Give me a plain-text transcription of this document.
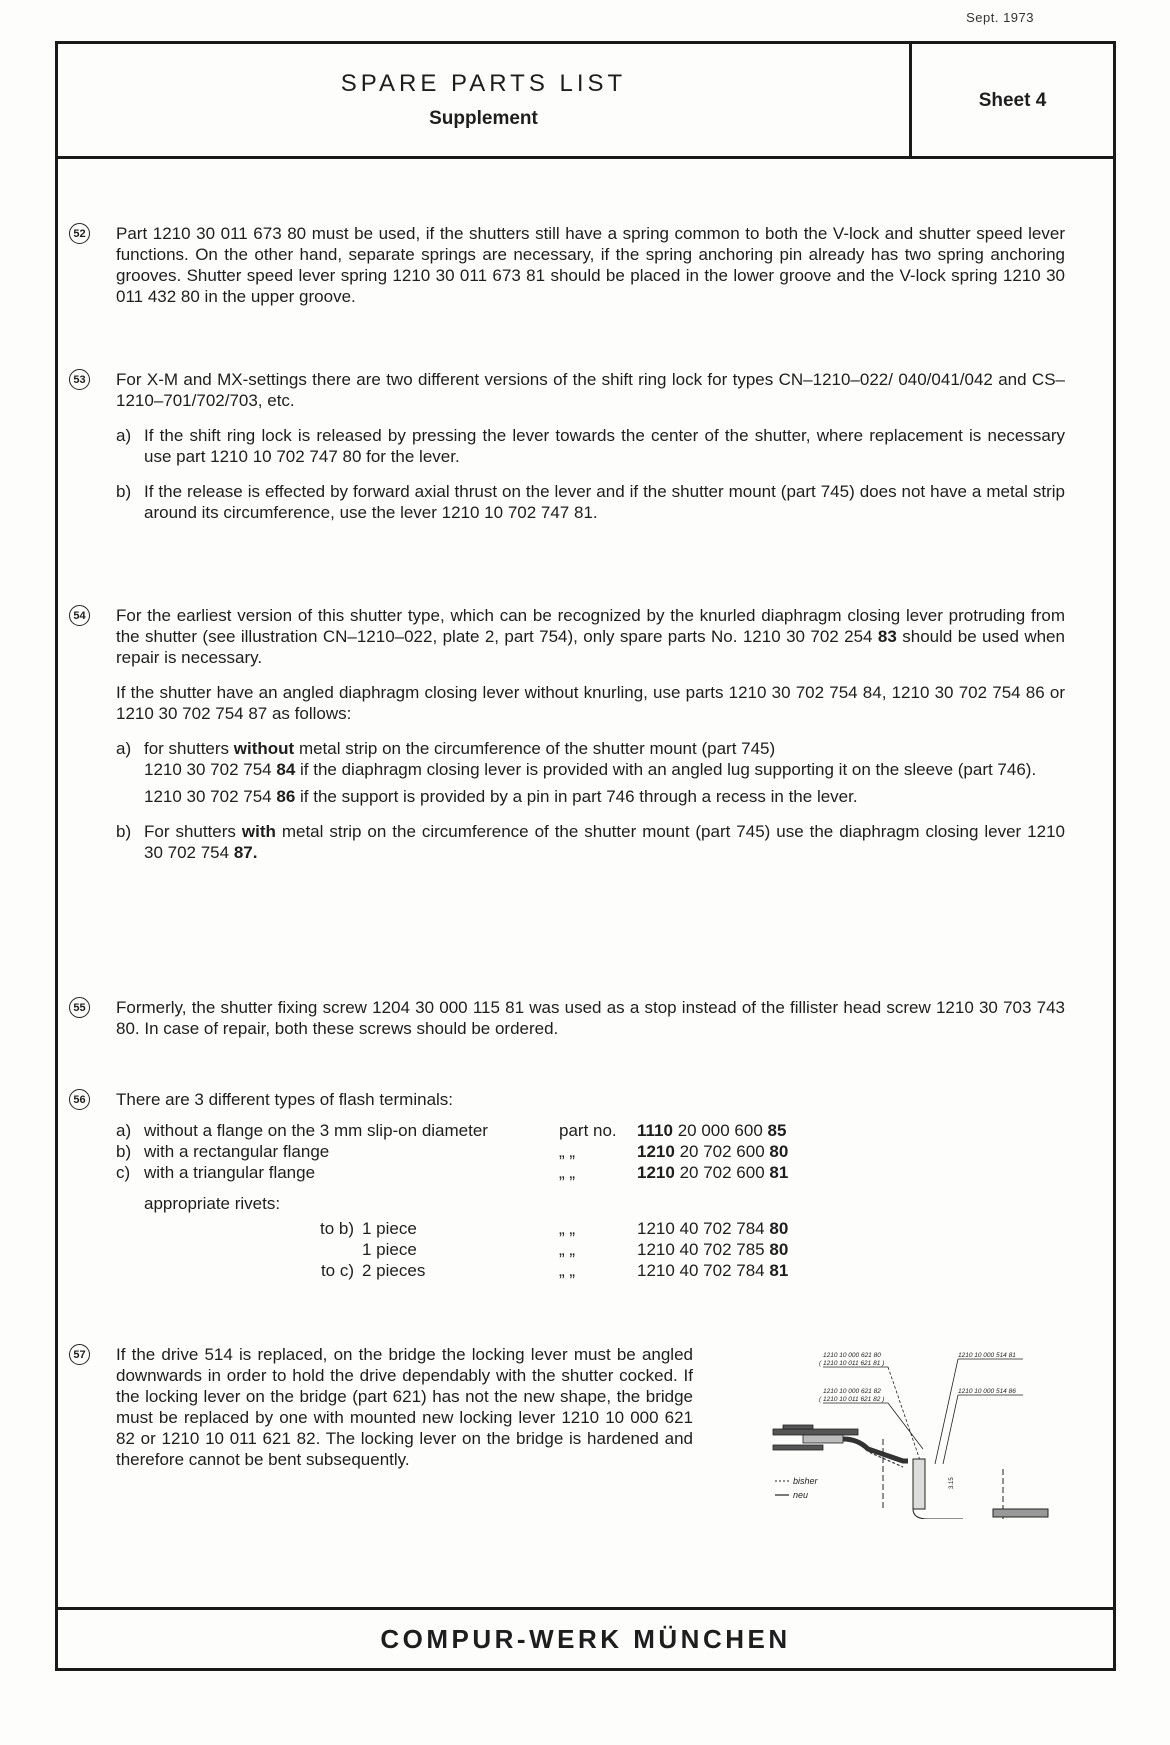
Sept. 1973
SPARE PARTS LIST
Supplement
Sheet 4
52 Part 1210 30 011 673 80 must be used, if the shutters still have a spring common to both the V-lock and shutter speed lever functions. On the other hand, separate springs are necessary, if the spring anchoring pin already has two spring anchoring grooves. Shutter speed lever spring 1210 30 011 673 81 should be placed in the lower groove and the V-lock spring 1210 30 011 432 80 in the upper groove.

53 For X-M and MX-settings there are two different versions of the shift ring lock for types CN–1210–022/ 040/041/042 and CS–1210–701/702/703, etc.

a) If the shift ring lock is released by pressing the lever towards the center of the shutter, where replacement is necessary use part 1210 10 702 747 80 for the lever.
b) If the release is effected by forward axial thrust on the lever and if the shutter mount (part 745) does not have a metal strip around its circumference, use the lever 1210 10 702 747 81.
54 For the earliest version of this shutter type, which can be recognized by the knurled diaphragm closing lever protruding from the shutter (see illustration CN–1210–022, plate 2, part 754), only spare parts No. 1210 30 702 254 83 should be used when repair is necessary.

If the shutter have an angled diaphragm closing lever without knurling, use parts 1210 30 702 754 84, 1210 30 702 754 86 or 1210 30 702 754 87 as follows:

a) for shutters without metal strip on the circumference of the shutter mount (part 745)
1210 30 702 754 84 if the diaphragm closing lever is provided with an angled lug supporting it on the sleeve (part 746).
1210 30 702 754 86 if the support is provided by a pin in part 746 through a recess in the lever.
b) For shutters with metal strip on the circumference of the shutter mount (part 745) use the diaphragm closing lever 1210 30 702 754 87.
55 Formerly, the shutter fixing screw 1204 30 000 115 81 was used as a stop instead of the fillister head screw 1210 30 703 743 80. In case of repair, both these screws should be ordered.

56 There are 3 different types of flash terminals:

a)	without a flange on the 3 mm slip-on diameter	part no.	1110 20 000 600 85
b)	with a rectangular flange	„ „	1210 20 702 600 80
c)	with a triangular flange	„ „	1210 20 702 600 81
appropriate rivets:
to b)	1 piece	„ „	1210 40 702 784 80
	1 piece	„ „	1210 40 702 785 80
to c)	2 pieces	„ „	1210 40 702 784 81
57 If the drive 514 is replaced, on the bridge the locking lever must be angled downwards in order to hold the drive dependably with the shutter cocked. If the locking lever on the bridge (part 621) has not the new shape, the bridge must be replaced by one with mounted new locking lever 1210 10 000 621 82 or 1210 10 011 621 82. The locking lever on the bridge is hardened and therefore cannot be bent subsequently.

1210 10 000 621 80
( 1210 10 011 621 81 )
1210 10 000 621 82
( 1210 10 011 621 82 )
1210 10 000 514 81
1210 10 000 514 86
3.15
bisher
neu
COMPUR-WERK MÜNCHEN
